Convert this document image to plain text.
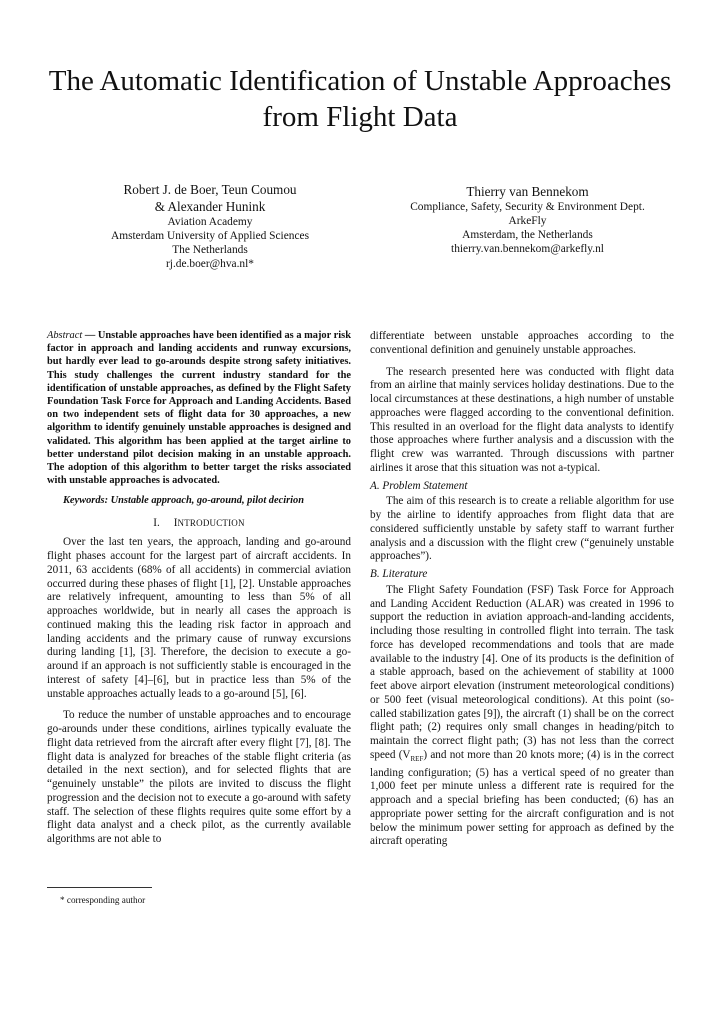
The Automatic Identification of Unstable Approaches from Flight Data
Robert J. de Boer, Teun Coumou
& Alexander Hunink
Aviation Academy
Amsterdam University of Applied Sciences
The Netherlands
rj.de.boer@hva.nl*
Thierry van Bennekom
Compliance, Safety, Security & Environment Dept.
ArkeFly
Amsterdam, the Netherlands
thierry.van.bennekom@arkefly.nl

Abstract — Unstable approaches have been identified as a major risk factor in approach and landing accidents and runway excursions, but hardly ever lead to go-arounds despite strong safety initiatives. This study challenges the current industry standard for the identification of unstable approaches, as defined by the Flight Safety Foundation Task Force for Approach and Landing Accidents. Based on two independent sets of flight data for 30 approaches, a new algorithm to identify genuinely unstable approaches is designed and validated. This algorithm has been applied at the target airline to better understand pilot decision making in an unstable approach. The adoption of this algorithm to better target the risks associated with unstable approaches is advocated.

Keywords: Unstable approach, go-around, pilot decirion

I. INTRODUCTION

Over the last ten years, the approach, landing and go-around flight phases account for the largest part of aircraft accidents. In 2011, 63 accidents (68% of all accidents) in commercial aviation occurred during these phases of flight [1], [2]. Unstable approaches are relatively infrequent, amounting to less than 5% of all approaches worldwide, but in nearly all cases the approach is continued making this the leading risk factor in approach and landing accidents and the primary cause of runway excursions during landing [1], [3]. Therefore, the decision to execute a go-around if an approach is not sufficiently stable is encouraged in the interest of safety [4]–[6], but in practice less than 5% of the unstable approaches actually leads to a go-around [5], [6].

To reduce the number of unstable approaches and to encourage go-arounds under these conditions, airlines typically evaluate the flight data retrieved from the aircraft after every flight [7], [8]. The flight data is analyzed for breaches of the stable flight criteria (as detailed in the next section), and for selected flights that are “genuinely unstable” the pilots are invited to discuss the flight progression and the decision not to execute a go-around with safety staff. The selection of these flights requires quite some effort by a flight data analyst and a check pilot, as the currently available algorithms are not able to

differentiate between unstable approaches according to the conventional definition and genuinely unstable approaches.

The research presented here was conducted with flight data from an airline that mainly services holiday destinations. Due to the local circumstances at these destinations, a high number of unstable approaches were flagged according to the conventional definition. This resulted in an overload for the flight data analysts to identify those approaches where further analysis and a discussion with the flight crew was warranted. Through discussions with partner airlines it arose that this situation was not a-typical.

A. Problem Statement

The aim of this research is to create a reliable algorithm for use by the airline to identify approaches from flight data that are considered sufficiently unstable by safety staff to warrant further analysis and a discussion with the flight crew (“genuinely unstable approaches”).

B. Literature

The Flight Safety Foundation (FSF) Task Force for Approach and Landing Accident Reduction (ALAR) was created in 1996 to support the reduction in aviation approach-and-landing accidents, including those resulting in controlled flight into terrain. The task force has developed recommendations and tools that are made available to the industry [4]. One of its products is the definition of a stable approach, based on the achievement of stability at 1000 feet above airport elevation (instrument meteorological conditions) or 500 feet (visual meteorological conditions). At this point (so-called stabilization gates [9]), the aircraft (1) shall be on the correct flight path; (2) requires only small changes in heading/pitch to maintain the correct flight path; (3) has not less than the correct speed $(V_{REF})$ and not more than 20 knots more; (4) is in the correct landing configuration; (5) has a vertical speed of no greater than 1,000 feet per minute unless a different rate is required for the approach and a special briefing has been conducted; (6) has an appropriate power setting for the aircraft configuration and is not below the minimum power setting for approach as defined by the aircraft operating

* corresponding author
